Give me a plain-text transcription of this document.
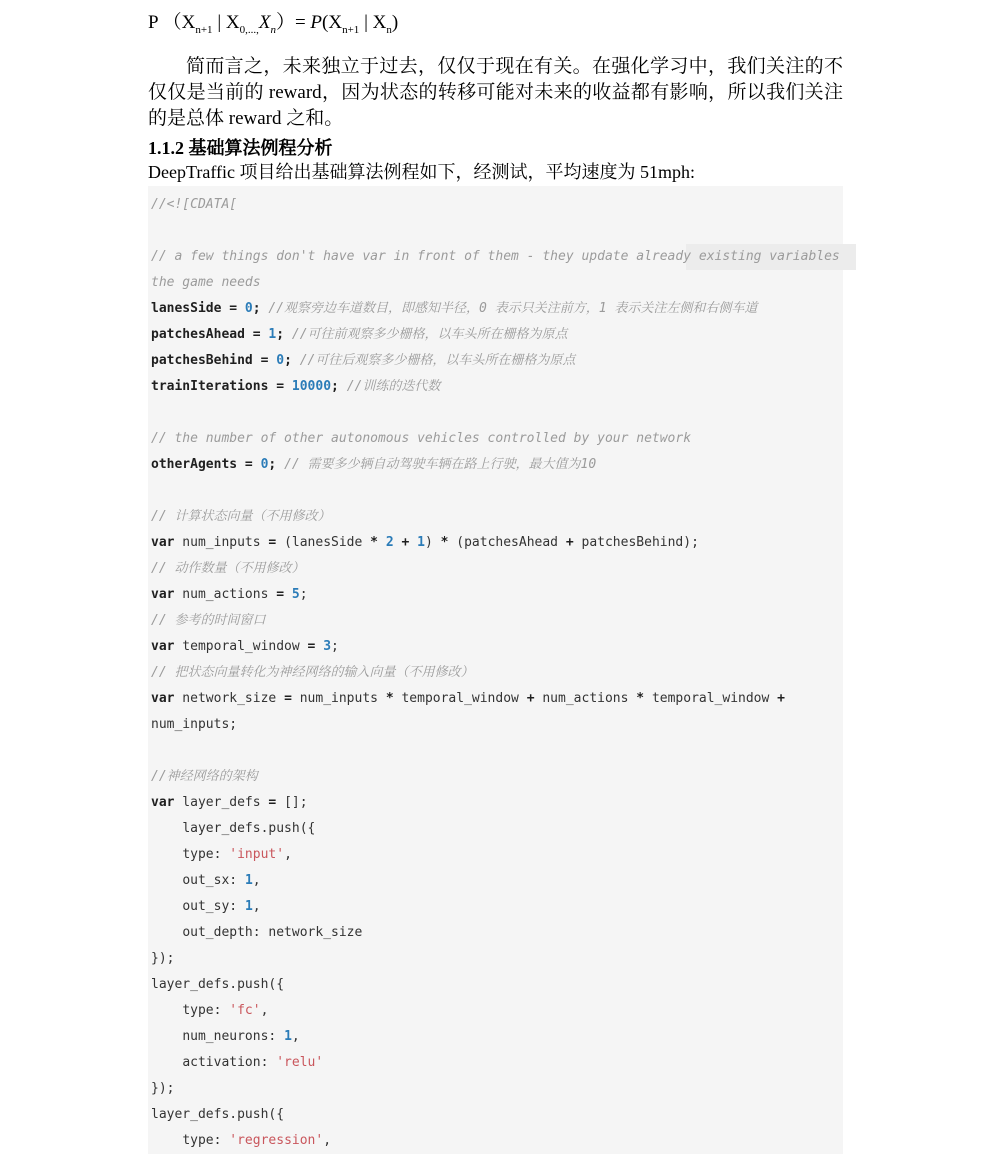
P （$X_{n+1}$ | $X_{0,...,}X_n)= P(X_{n+1}$ | $X_n$)

简而言之，未来独立于过去，仅仅于现在有关。在强化学习中，我们关注的不仅仅是当前的 reward，因为状态的转移可能对未来的收益都有影响，所以我们关注的是总体 reward 之和。

1.1.2 基础算法例程分析

DeepTraffic 项目给出基础算法例程如下，经测试，平均速度为 51mph:

//<![CDATA[
// a few things don't have var in front of them - they update already existing variables the game needs
lanesSide = 0; //观察旁边车道数目，即感知半径，0 表示只关注前方，1 表示关注左侧和右侧车道
patchesAhead = 1; //可往前观察多少栅格，以车头所在栅格为原点
patchesBehind = 0; //可往后观察多少栅格，以车头所在栅格为原点
trainIterations = 10000; //训练的迭代数
// the number of other autonomous vehicles controlled by your network
otherAgents = 0; // 需要多少辆自动驾驶车辆在路上行驶，最大值为10
// 计算状态向量（不用修改）
var num_inputs = (lanesSide * 2 + 1) * (patchesAhead + patchesBehind);
// 动作数量（不用修改）
var num_actions = 5;
// 参考的时间窗口
var temporal_window = 3;
// 把状态向量转化为神经网络的输入向量（不用修改）
var network_size = num_inputs * temporal_window + num_actions * temporal_window + num_inputs;
//神经网络的架构
var layer_defs = [];
layer_defs.push({
type: 'input',
out_sx: 1,
out_sy: 1,
out_depth: network_size
});
layer_defs.push({
type: 'fc',
num_neurons: 1,
activation: 'relu'
});
layer_defs.push({
type: 'regression',
